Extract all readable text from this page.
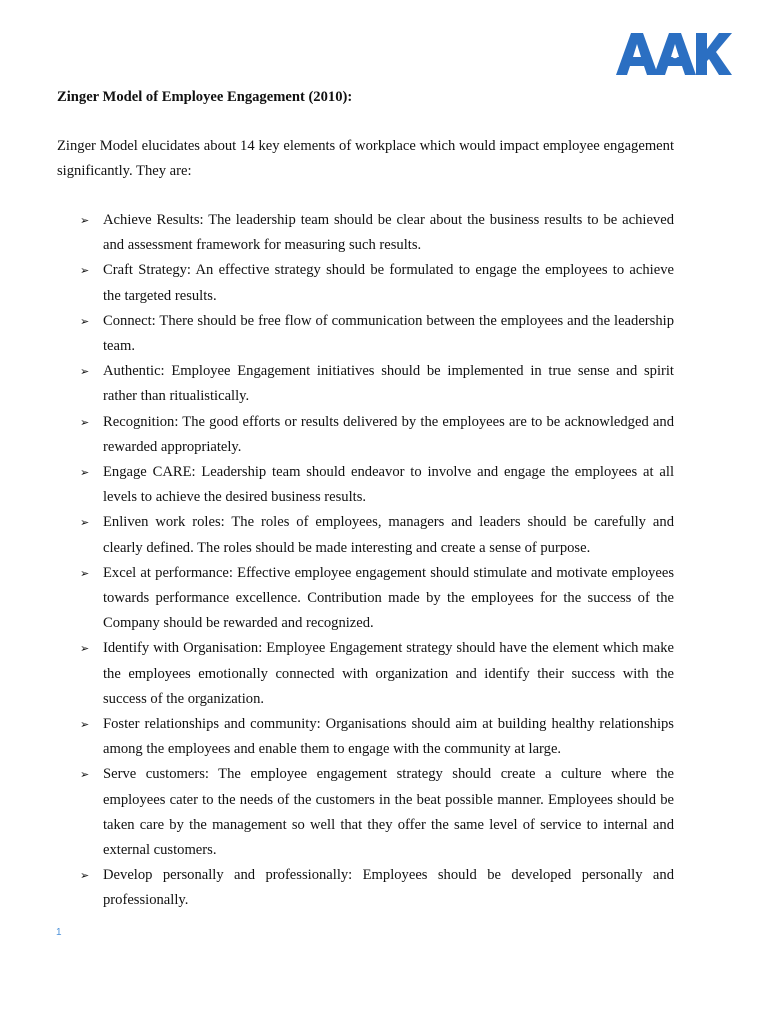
Zinger Model of Employee Engagement (2010):

Zinger Model elucidates about 14 key elements of workplace which would impact employee engagement significantly. They are:

➢ Achieve Results: The leadership team should be clear about the business results to be achieved and assessment framework for measuring such results.
➢ Craft Strategy: An effective strategy should be formulated to engage the employees to achieve the targeted results.
➢ Connect: There should be free flow of communication between the employees and the leadership team.
➢ Authentic: Employee Engagement initiatives should be implemented in true sense and spirit rather than ritualistically.
➢ Recognition: The good efforts or results delivered by the employees are to be acknowledged and rewarded appropriately.
➢ Engage CARE: Leadership team should endeavor to involve and engage the employees at all levels to achieve the desired business results.
➢ Enliven work roles: The roles of employees, managers and leaders should be carefully and clearly defined. The roles should be made interesting and create a sense of purpose.
➢ Excel at performance: Effective employee engagement should stimulate and motivate employees towards performance excellence. Contribution made by the employees for the success of the Company should be rewarded and recognized.
➢ Identify with Organisation: Employee Engagement strategy should have the element which make the employees emotionally connected with organization and identify their success with the success of the organization.
➢ Foster relationships and community: Organisations should aim at building healthy relationships among the employees and enable them to engage with the community at large.
➢ Serve customers: The employee engagement strategy should create a culture where the employees cater to the needs of the customers in the beat possible manner. Employees should be taken care by the management so well that they offer the same level of service to internal and external customers.
➢ Develop personally and professionally: Employees should be developed personally and professionally.
1
